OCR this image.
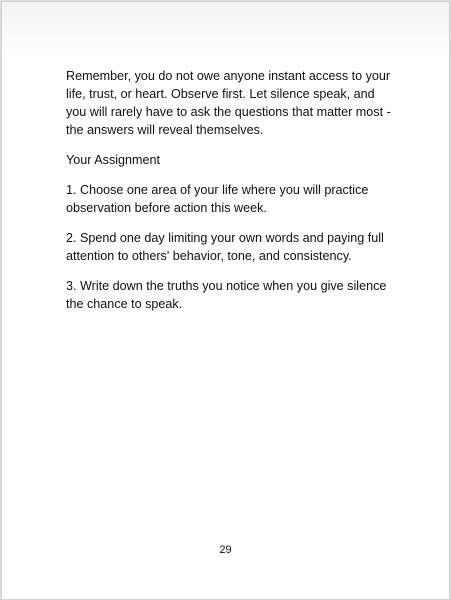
Remember, you do not owe anyone instant access to your life, trust, or heart. Observe first. Let silence speak, and you will rarely have to ask the questions that matter most - the answers will reveal themselves.

Your Assignment

1. Choose one area of your life where you will practice observation before action this week.

2. Spend one day limiting your own words and paying full attention to others' behavior, tone, and consistency.

3. Write down the truths you notice when you give silence the chance to speak.

29
